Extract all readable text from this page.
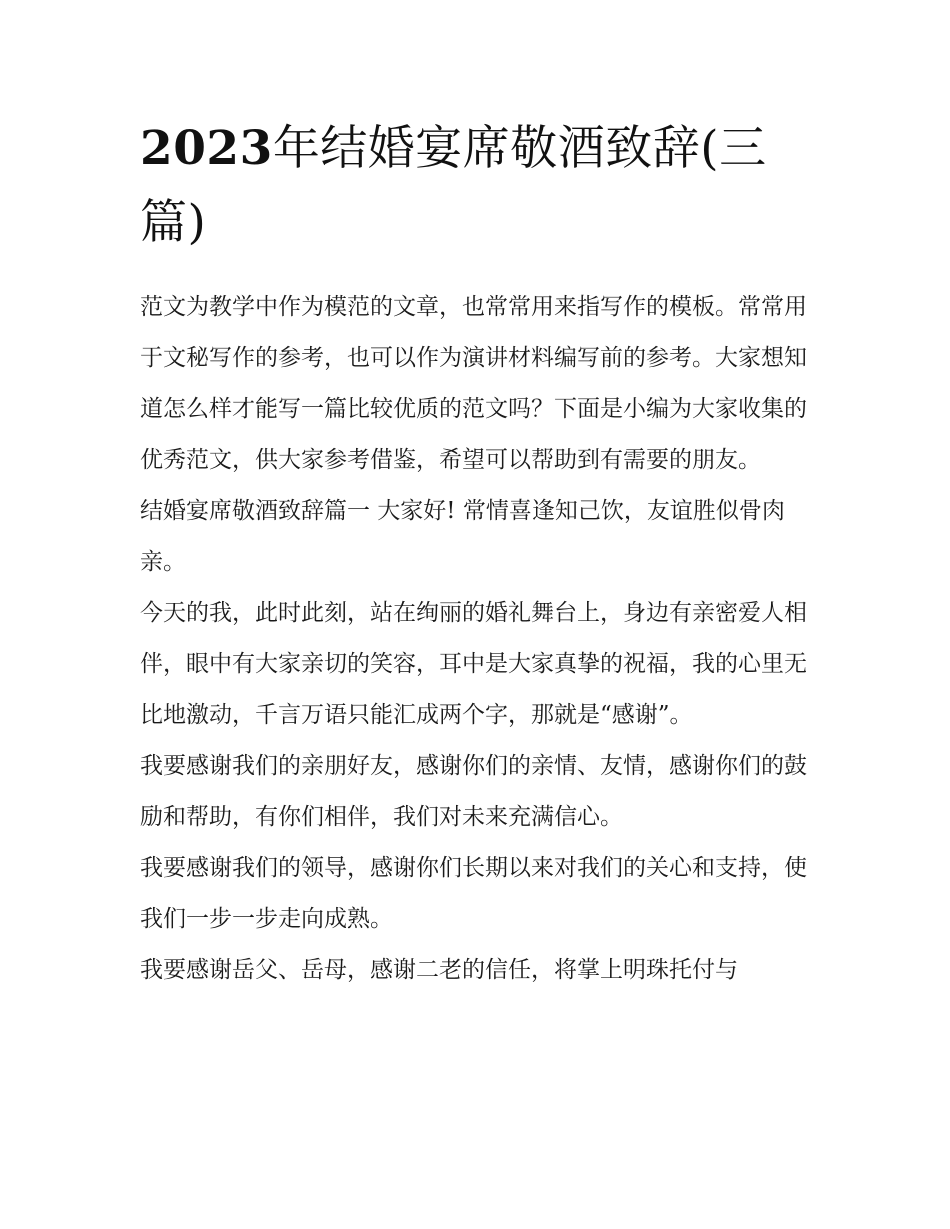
2023年结婚宴席敬酒致辞(三篇)

范文为教学中作为模范的文章，也常常用来指写作的模板。常常用于文秘写作的参考，也可以作为演讲材料编写前的参考。大家想知道怎么样才能写一篇比较优质的范文吗？下面是小编为大家收集的优秀范文，供大家参考借鉴，希望可以帮助到有需要的朋友。

结婚宴席敬酒致辞篇一 大家好! 常情喜逢知己饮，友谊胜似骨肉亲。

今天的我，此时此刻，站在绚丽的婚礼舞台上，身边有亲密爱人相伴，眼中有大家亲切的笑容，耳中是大家真挚的祝福，我的心里无比地激动，千言万语只能汇成两个字，那就是“感谢”。

我要感谢我们的亲朋好友，感谢你们的亲情、友情，感谢你们的鼓励和帮助，有你们相伴，我们对未来充满信心。

我要感谢我们的领导，感谢你们长期以来对我们的关心和支持，使我们一步一步走向成熟。

我要感谢岳父、岳母，感谢二老的信任，将掌上明珠托付与
